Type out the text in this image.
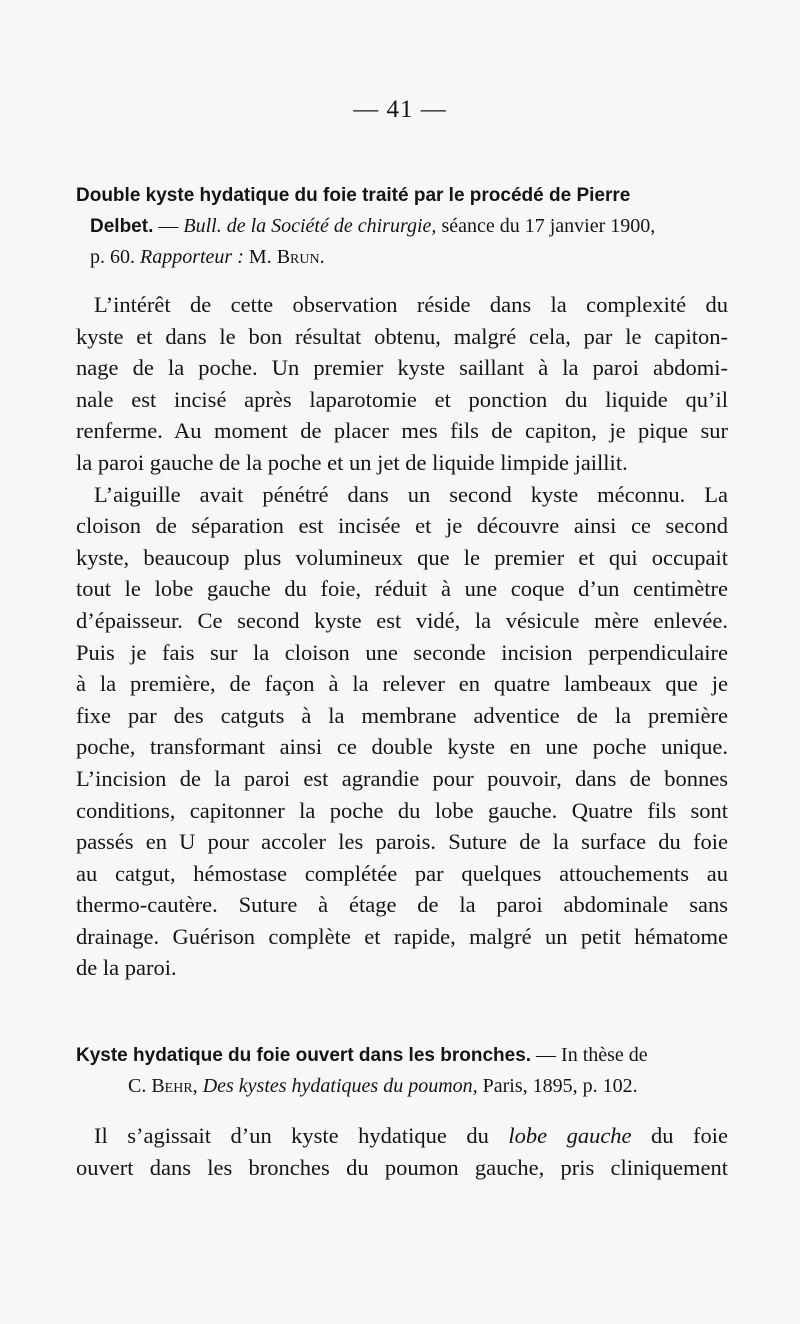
— 41 —
Double kyste hydatique du foie traité par le procédé de Pierre
Delbet. — Bull. de la Société de chirurgie, séance du 17 janvier 1900,
p. 60. Rapporteur : M. Brun.
L’intérêt de cette observation réside dans la complexité du
kyste et dans le bon résultat obtenu, malgré cela, par le capiton-
nage de la poche. Un premier kyste saillant à la paroi abdomi-
nale est incisé après laparotomie et ponction du liquide qu’il
renferme. Au moment de placer mes fils de capiton, je pique sur
la paroi gauche de la poche et un jet de liquide limpide jaillit.
L’aiguille avait pénétré dans un second kyste méconnu. La
cloison de séparation est incisée et je découvre ainsi ce second
kyste, beaucoup plus volumineux que le premier et qui occupait
tout le lobe gauche du foie, réduit à une coque d’un centimètre
d’épaisseur. Ce second kyste est vidé, la vésicule mère enlevée.
Puis je fais sur la cloison une seconde incision perpendiculaire
à la première, de façon à la relever en quatre lambeaux que je
fixe par des catguts à la membrane adventice de la première
poche, transformant ainsi ce double kyste en une poche unique.
L’incision de la paroi est agrandie pour pouvoir, dans de bonnes
conditions, capitonner la poche du lobe gauche. Quatre fils sont
passés en U pour accoler les parois. Suture de la surface du foie
au catgut, hémostase complétée par quelques attouchements au
thermo-cautère. Suture à étage de la paroi abdominale sans
drainage. Guérison complète et rapide, malgré un petit hématome
de la paroi.
Kyste hydatique du foie ouvert dans les bronches. — In thèse de
C. Behr, Des kystes hydatiques du poumon, Paris, 1895, p. 102.
Il s’agissait d’un kyste hydatique du lobe gauche du foie
ouvert dans les bronches du poumon gauche, pris cliniquement
